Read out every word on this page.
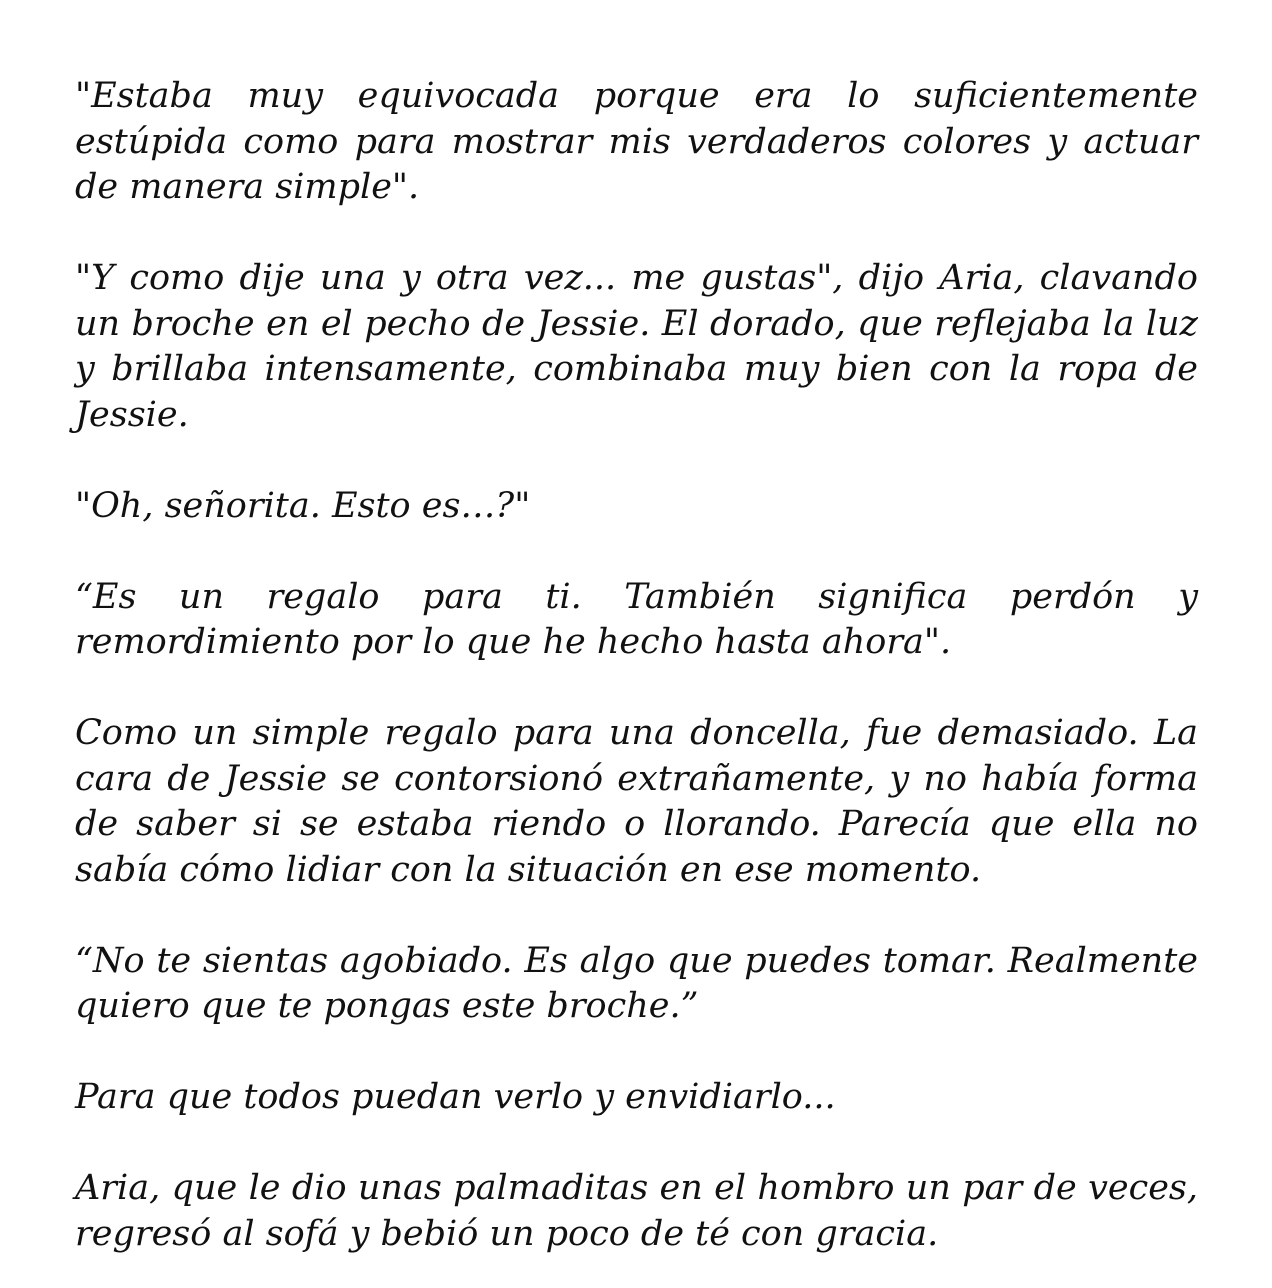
"Estaba muy equivocada porque era lo suficientemente estúpida como para mostrar mis verdaderos colores y actuar de manera simple".

"Y como dije una y otra vez... me gustas", dijo Aria, clavando un broche en el pecho de Jessie. El dorado, que reflejaba la luz y brillaba intensamente, combinaba muy bien con la ropa de Jessie.

"Oh, señorita. Esto es…?"

“Es un regalo para ti. También significa perdón y remordimiento por lo que he hecho hasta ahora".

Como un simple regalo para una doncella, fue demasiado. La cara de Jessie se contorsionó extrañamente, y no había forma de saber si se estaba riendo o llorando. Parecía que ella no sabía cómo lidiar con la situación en ese momento.

“No te sientas agobiado. Es algo que puedes tomar. Realmente quiero que te pongas este broche.”

Para que todos puedan verlo y envidiarlo...

Aria, que le dio unas palmaditas en el hombro un par de veces, regresó al sofá y bebió un poco de té con gracia.
